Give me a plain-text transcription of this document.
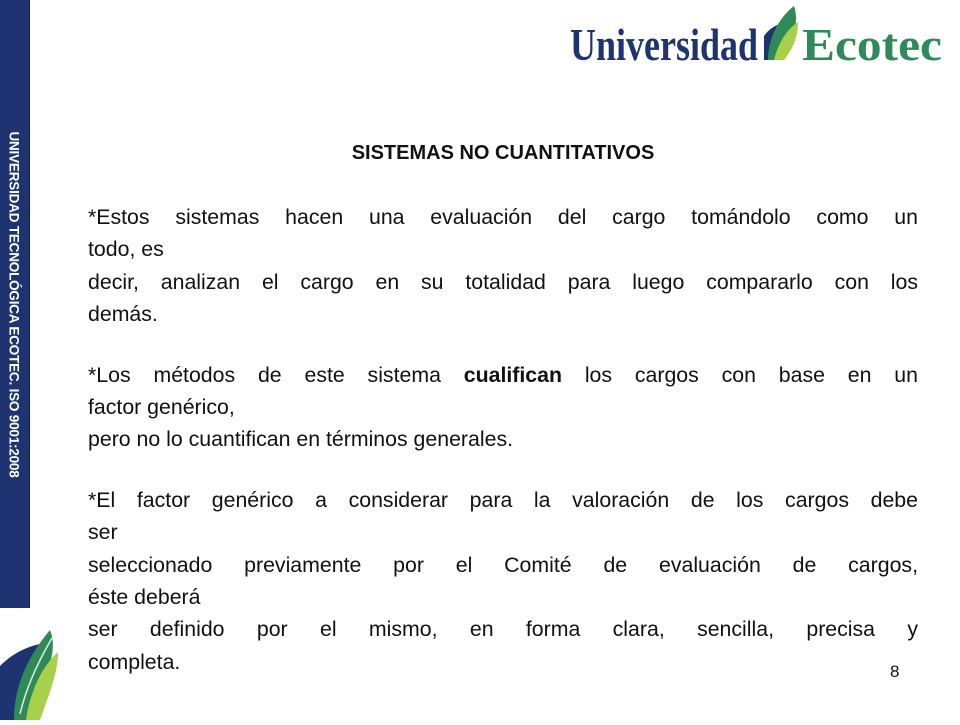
UNIVERSIDAD TECNOLÓGICA ECOTEC. ISO 9001:2008
Universidad Ecotec
SISTEMAS NO CUANTITATIVOS

*Estos sistemas hacen una evaluación del cargo tomándolo como un
todo, es
decir, analizan el cargo en su totalidad para luego compararlo con los
demás.

*Los métodos de este sistema cualifican los cargos con base en un
factor genérico,
pero no lo cuantifican en términos generales.

*El factor genérico a considerar para la valoración de los cargos debe
ser
seleccionado previamente por el Comité de evaluación de cargos,
éste deberá
ser definido por el mismo, en forma clara, sencilla, precisa y
completa.	8
